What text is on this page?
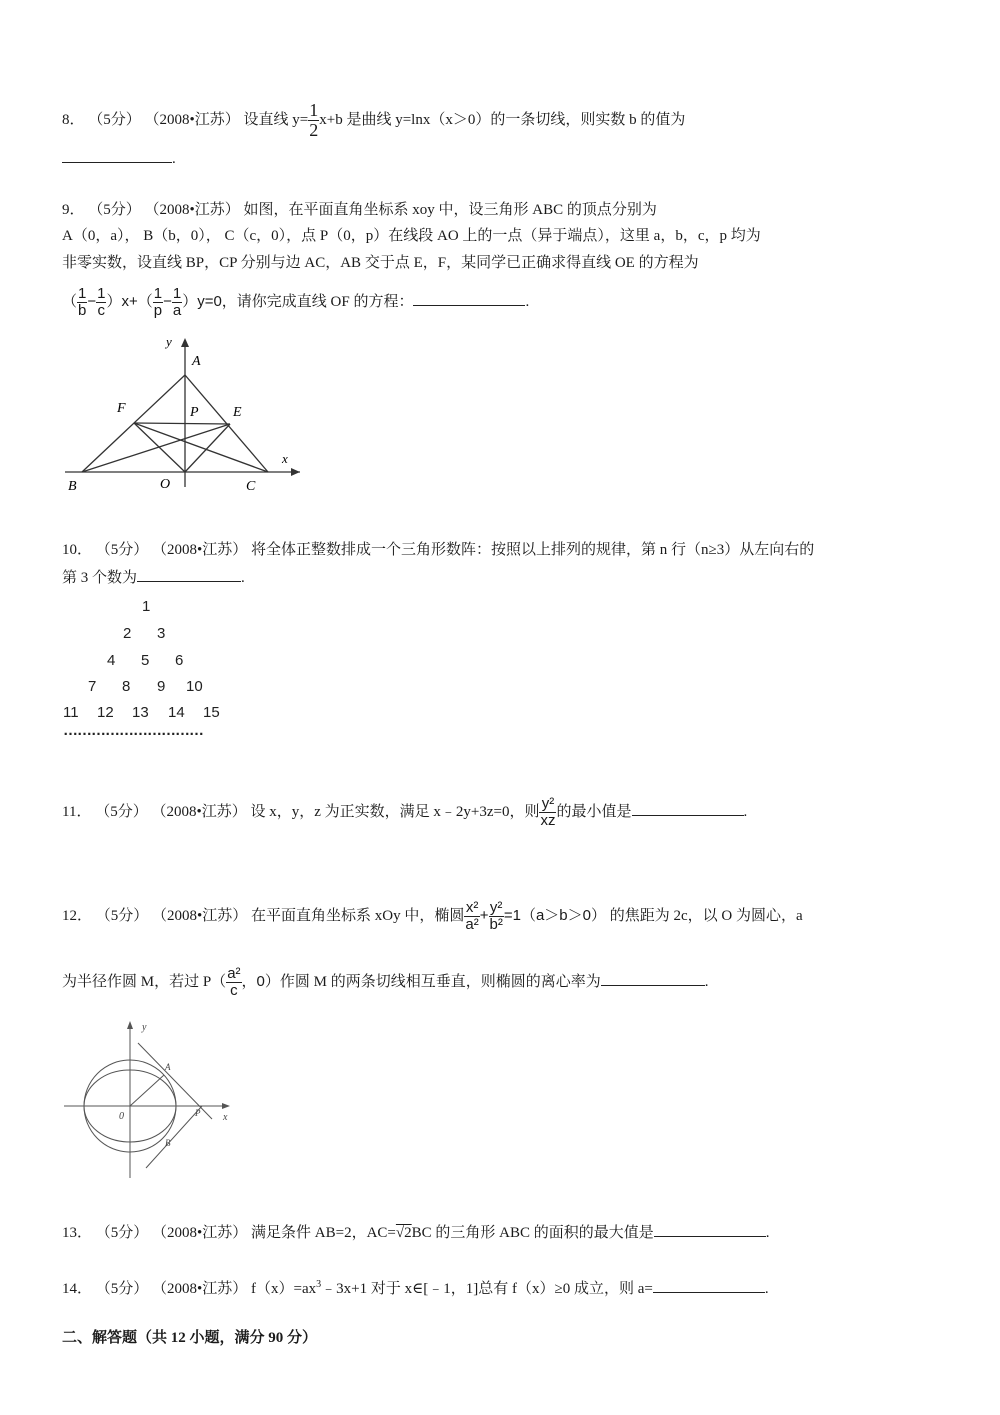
8． （5分） （2008•江苏） 设直线 $y= \frac{1}{2} x+b$ 是曲线 y=lnx（x＞0）的一条切线，则实数 b 的值为
.
9． （5分） （2008•江苏） 如图，在平面直角坐标系 xoy 中，设三角形 ABC 的顶点分别为
A（0，a）， B（b，0）， C（c，0），点 P（0，p）在线段 AO 上的一点（异于端点），这里 a，b，c，p 均为
非零实数，设直线 BP，CP 分别与边 AC，AB 交于点 E，F，某同学已正确求得直线 OE 的方程为
（ $\frac{1}{b} - \frac{1}{c} )x+( \frac{1}{p} - \frac{1}{a} )y=0$，请你完成直线 OF 的方程：	.
y
x
A
F	P E
B	O	C
10． （5分） （2008•江苏） 将全体正整数排成一个三角形数阵：按照以上排列的规律，第 n 行（n≥3）从左向右的
第 3 个数为	.
1
2 3
4 5 6
7 8 9 10
11 12 13 14 15
…………………………
11． （5分） （2008•江苏） 设 x，y，z 为正实数，满足 x﹣2y+3z=0，则 $\frac{\text{y²}}{xz}$ 的最小值是	.
12． （5分） （2008•江苏） 在平面直角坐标系 xOy 中，椭圆 $\frac{\text{x²}}{\text{a²}} + \frac{\text{y²}}{\text{b²}} =1(a>b>0)$ 的焦距为 2c，以 O 为圆心，a
为半径作圆 M，若过 $P( \frac{\text{a²}}{c}$ ，0）作圆 M 的两条切线相互垂直，则椭圆的离心率为	.
y
x
0
A
B
P
13． （5分） （2008•江苏） 满足条件 AB=2，AC=√2BC 的三角形 ABC 的面积的最大值是	.
14． （5分） （2008•江苏） $f(x)=ax^3﹣3x+1$ 对于 x∈[﹣1，1]总有 f（x）≥0 成立，则 a=	.
二、解答题（共 12 小题，满分 90 分）
